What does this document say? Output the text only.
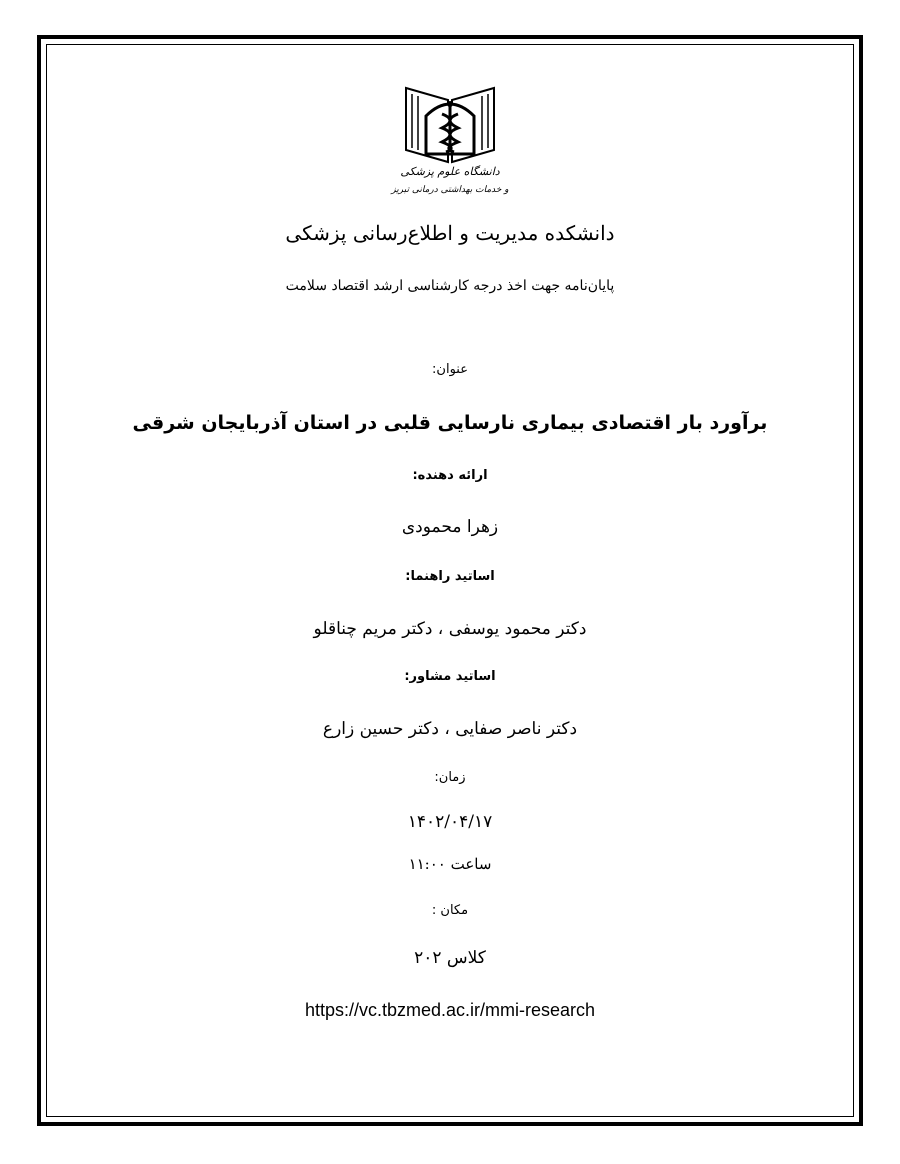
دانشگاه علوم پزشکی
و خدمات بهداشتی درمانی تبریز
دانشکده مدیریت و اطلاع‌رسانی پزشکی
پایان‌نامه جهت اخذ درجه کارشناسی ارشد اقتصاد سلامت
عنوان:
برآورد بار اقتصادی بیماری نارسایی قلبی در استان آذربایجان شرقی
ارائه دهنده:
زهرا محمودی
اساتید راهنما:
دکتر محمود یوسفی ، دکتر مریم چناقلو
اساتید مشاور:
دکتر ناصر صفایی ، دکتر حسین زارع
زمان:
۱۴۰۲/۰۴/۱۷
ساعت ۱۱:۰۰
مکان :
کلاس ۲۰۲
https://vc.tbzmed.ac.ir/mmi-research
